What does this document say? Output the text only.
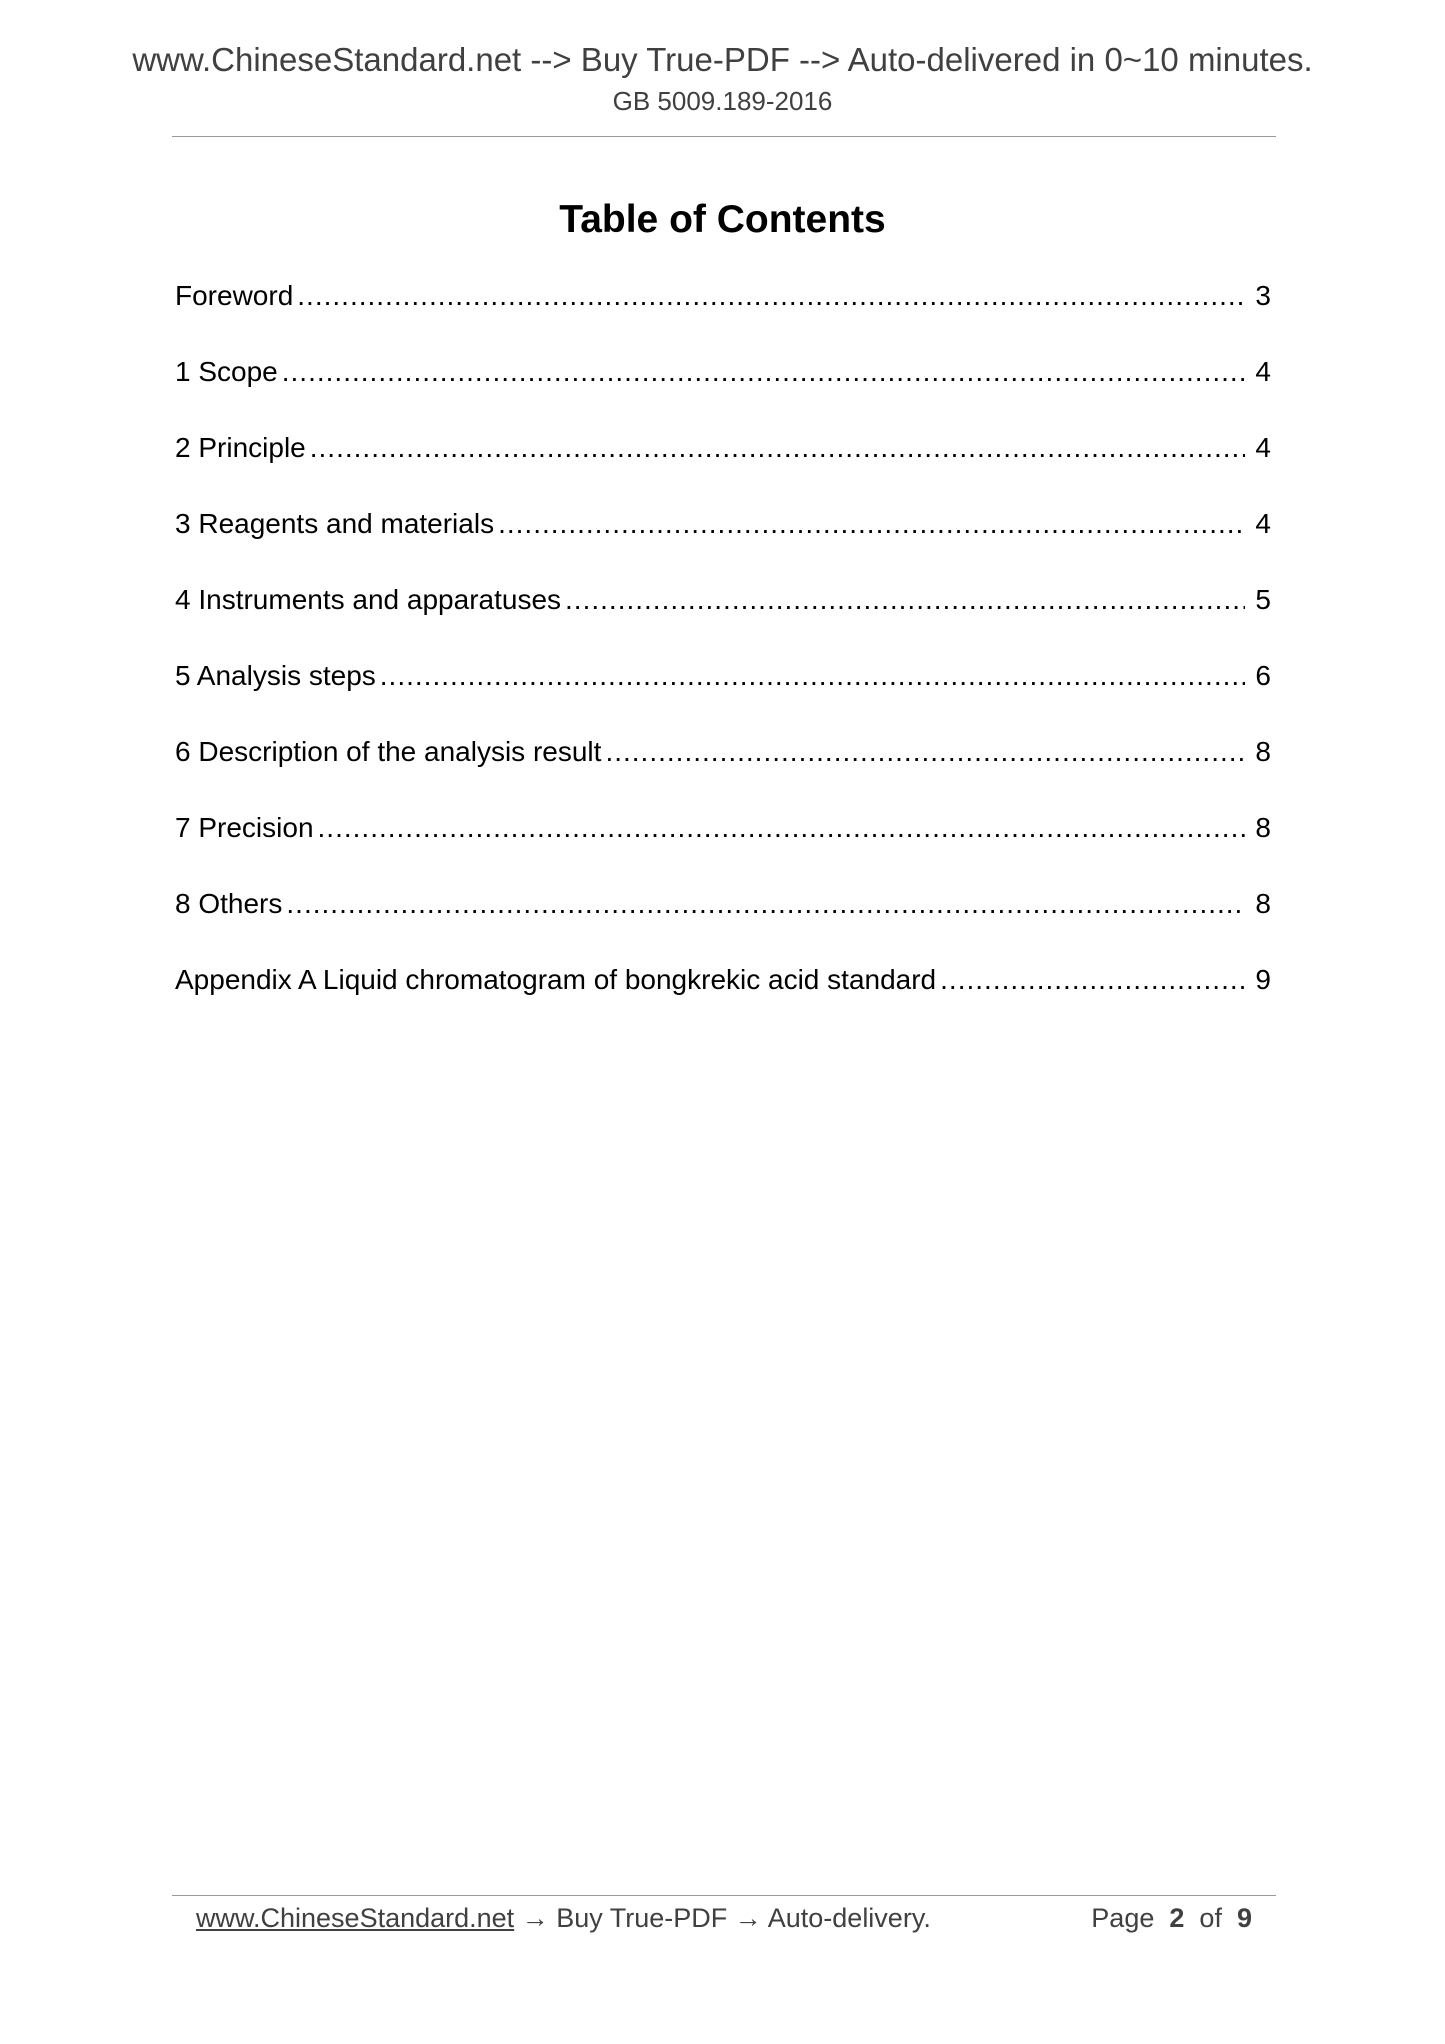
www.ChineseStandard.net --> Buy True-PDF --> Auto-delivered in 0~10 minutes.
GB 5009.189-2016
Table of Contents
Foreword .....	3
1 Scope .....	4
2 Principle .....	4
3 Reagents and materials .....	4
4 Instruments and apparatuses .....	5
5 Analysis steps .....	6
6 Description of the analysis result .....	8
7 Precision .....	8
8 Others .....	8
Appendix A Liquid chromatogram of bongkrekic acid standard .....	9
www.ChineseStandard.net → Buy True-PDF → Auto-delivery.	Page 2 of 9
